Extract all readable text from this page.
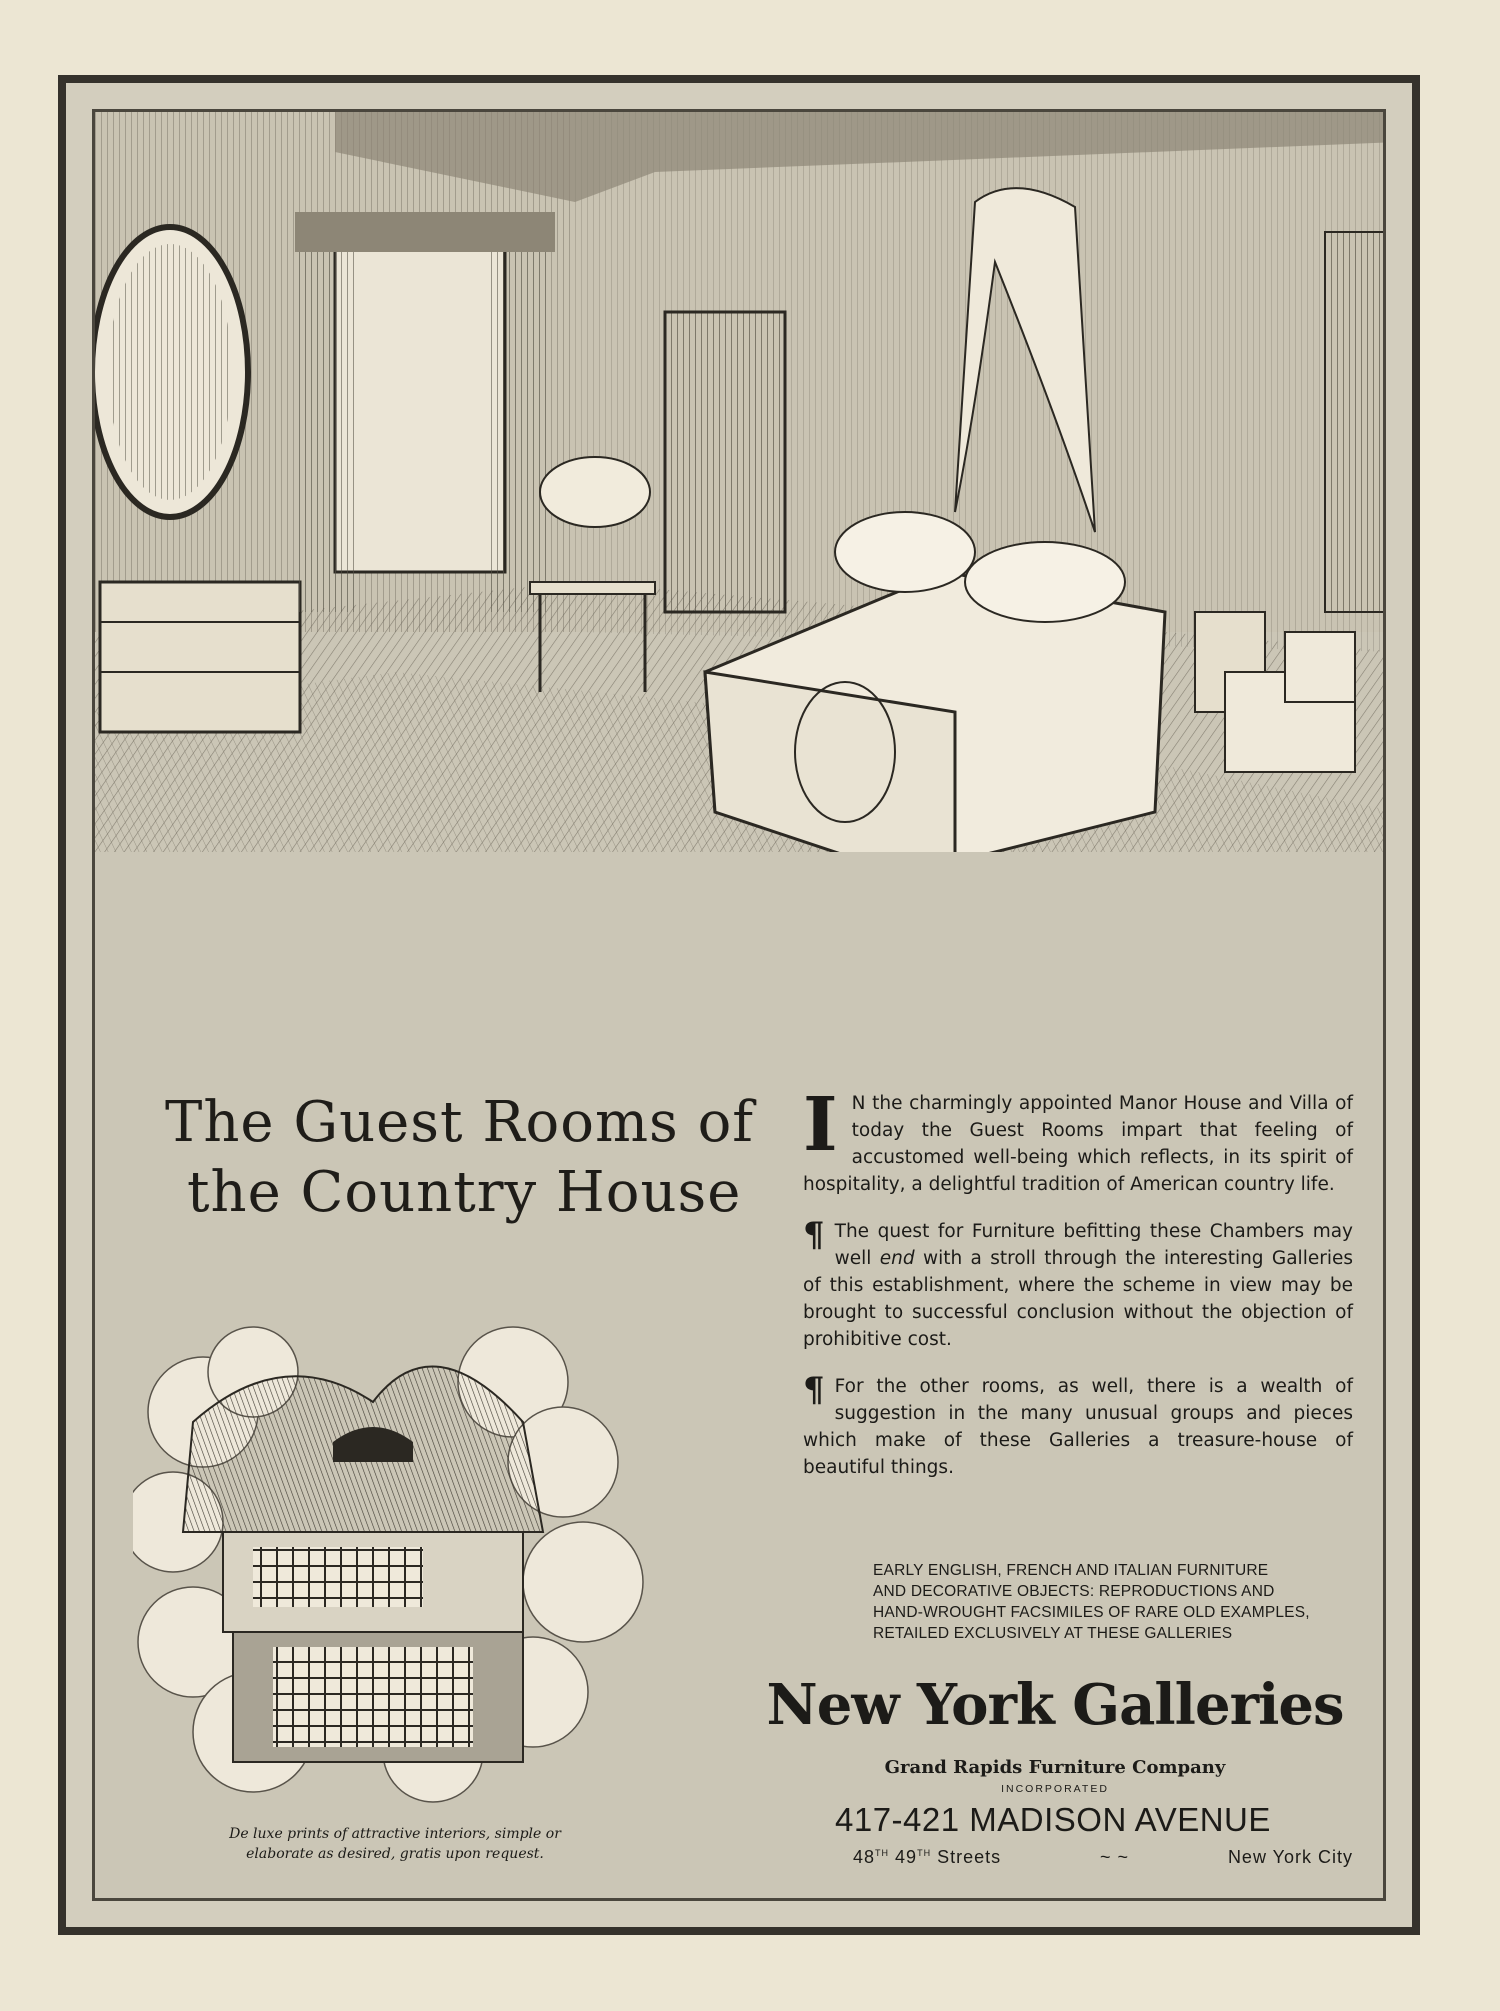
The Guest Rooms of
the Country House

I N the charmingly appointed Manor House and Villa of today the Guest Rooms impart that feeling of accustomed well-being which reflects, in its spirit of hospitality, a delightful tradition of American country life.

¶ The quest for Furniture befitting these Chambers may well end with a stroll through the interesting Galleries of this establishment, where the scheme in view may be brought to successful conclusion without the objection of prohibitive cost.

¶ For the other rooms, as well, there is a wealth of suggestion in the many unusual groups and pieces which make of these Galleries a treasure-house of beautiful things.

EARLY ENGLISH, FRENCH AND ITALIAN FURNITURE
AND DECORATIVE OBJECTS: REPRODUCTIONS AND
HAND-WROUGHT FACSIMILES OF RARE OLD EXAMPLES,
RETAILED EXCLUSIVELY AT THESE GALLERIES
New York Galleries
Grand Rapids Furniture Company
INCORPORATED
417-421 MADISON AVENUE
48TH 49TH Streets	~ ~	New York City
De luxe prints of attractive interiors, simple or
elaborate as desired, gratis upon request.
